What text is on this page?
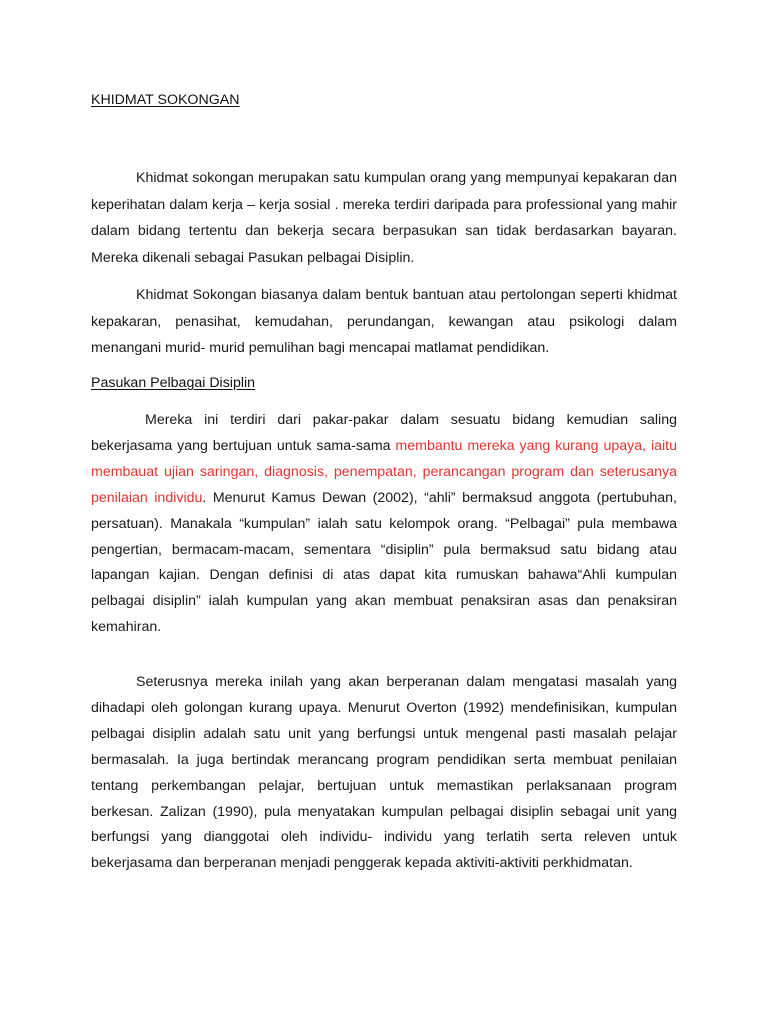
KHIDMAT SOKONGAN

Khidmat sokongan merupakan satu kumpulan orang yang mempunyai kepakaran dan keperihatan dalam kerja – kerja sosial . mereka terdiri daripada para professional yang mahir dalam bidang tertentu dan bekerja secara berpasukan san tidak berdasarkan bayaran. Mereka dikenali sebagai Pasukan pelbagai Disiplin.

Khidmat Sokongan biasanya dalam bentuk bantuan atau pertolongan seperti khidmat kepakaran, penasihat, kemudahan, perundangan, kewangan atau psikologi dalam menangani murid- murid pemulihan bagi mencapai matlamat pendidikan.

Pasukan Pelbagai Disiplin

Mereka ini terdiri dari pakar-pakar dalam sesuatu bidang kemudian saling bekerjasama yang bertujuan untuk sama-sama membantu mereka yang kurang upaya, iaitu membauat ujian saringan, diagnosis, penempatan, perancangan program dan seterusanya penilaian individu. Menurut Kamus Dewan (2002), “ahli” bermaksud anggota (pertubuhan, persatuan). Manakala “kumpulan” ialah satu kelompok orang. “Pelbagai” pula membawa pengertian, bermacam-macam, sementara “disiplin” pula bermaksud satu bidang atau lapangan kajian. Dengan definisi di atas dapat kita rumuskan bahawa“Ahli kumpulan pelbagai disiplin” ialah kumpulan yang akan membuat penaksiran asas dan penaksiran kemahiran.

Seterusnya mereka inilah yang akan berperanan dalam mengatasi masalah yang dihadapi oleh golongan kurang upaya. Menurut Overton (1992) mendefinisikan, kumpulan pelbagai disiplin adalah satu unit yang berfungsi untuk mengenal pasti masalah pelajar bermasalah. Ia juga bertindak merancang program pendidikan serta membuat penilaian tentang perkembangan pelajar, bertujuan untuk memastikan perlaksanaan program berkesan. Zalizan (1990), pula menyatakan kumpulan pelbagai disiplin sebagai unit yang berfungsi yang dianggotai oleh individu- individu yang terlatih serta releven untuk bekerjasama dan berperanan menjadi penggerak kepada aktiviti-aktiviti perkhidmatan.
